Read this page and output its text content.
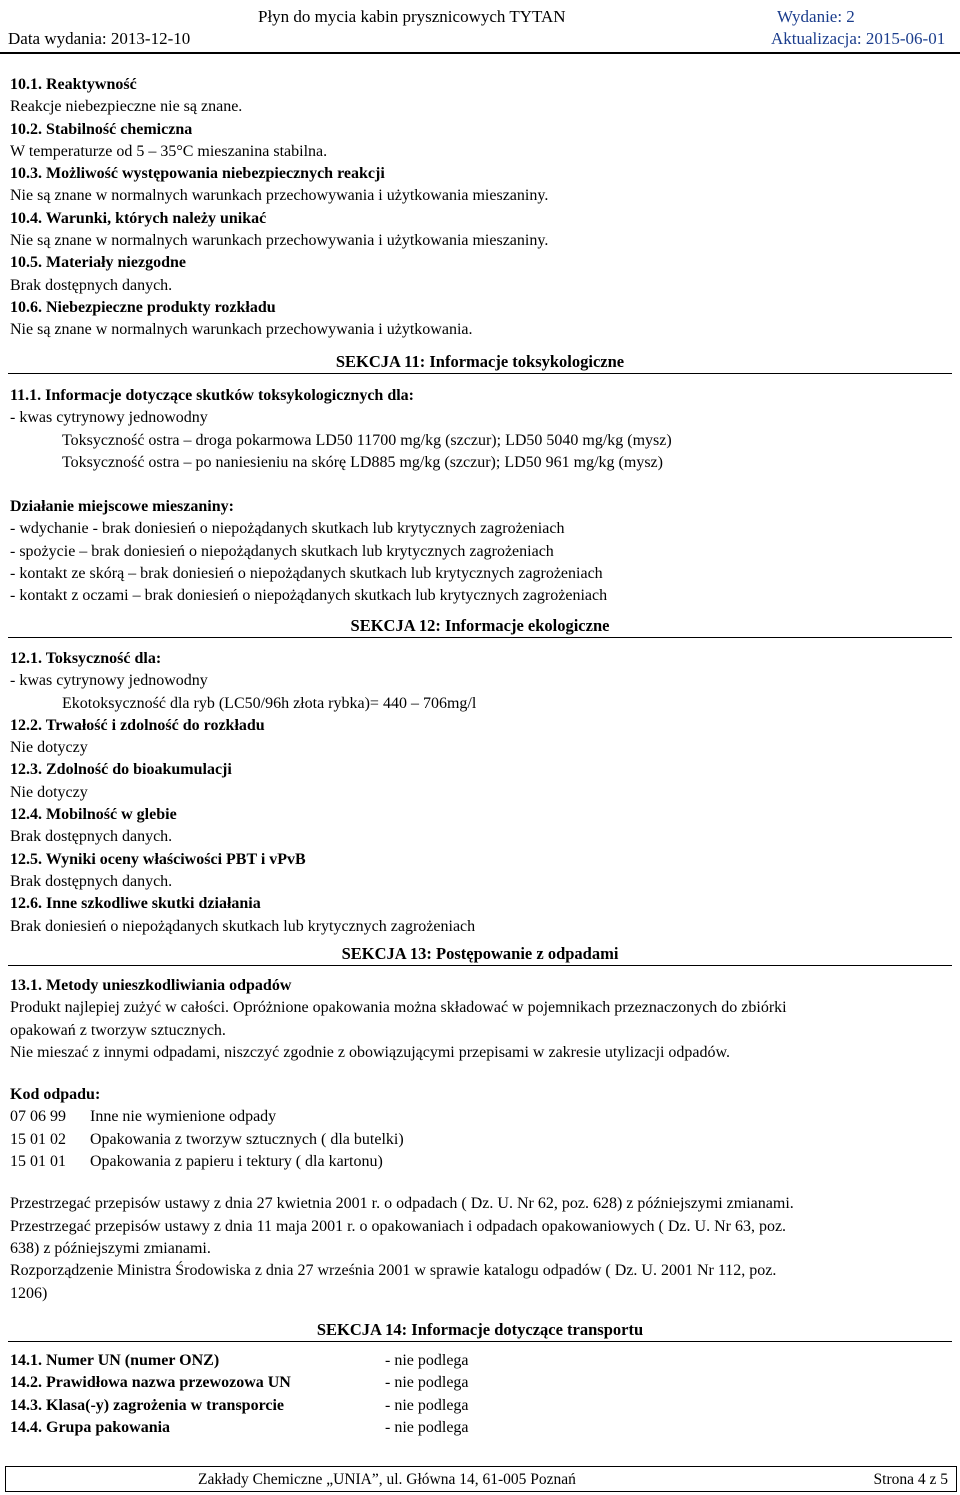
Płyn do mycia kabin prysznicowych TYTAN	Wydanie: 2
Data wydania: 2013-12-10	Aktualizacja: 2015-06-01
10.1. Reaktywność
Reakcje niebezpieczne nie są znane.
10.2. Stabilność chemiczna
W temperaturze od 5 – 35°C mieszanina stabilna.
10.3. Możliwość występowania niebezpiecznych reakcji
Nie są znane w normalnych warunkach przechowywania i użytkowania mieszaniny.
10.4. Warunki, których należy unikać
Nie są znane w normalnych warunkach przechowywania i użytkowania mieszaniny.
10.5. Materiały niezgodne
Brak dostępnych danych.
10.6. Niebezpieczne produkty rozkładu
Nie są znane w normalnych warunkach przechowywania i użytkowania.
SEKCJA 11: Informacje toksykologiczne
11.1. Informacje dotyczące skutków toksykologicznych dla:
- kwas cytrynowy jednowodny
Toksyczność ostra – droga pokarmowa LD50 11700 mg/kg (szczur); LD50 5040 mg/kg (mysz)
Toksyczność ostra – po naniesieniu na skórę LD885 mg/kg (szczur); LD50 961 mg/kg (mysz)
Działanie miejscowe mieszaniny:
- wdychanie - brak doniesień o niepożądanych skutkach lub krytycznych zagrożeniach
- spożycie – brak doniesień o niepożądanych skutkach lub krytycznych zagrożeniach
- kontakt ze skórą – brak doniesień o niepożądanych skutkach lub krytycznych zagrożeniach
- kontakt z oczami – brak doniesień o niepożądanych skutkach lub krytycznych zagrożeniach
SEKCJA 12: Informacje ekologiczne
12.1. Toksyczność dla:
- kwas cytrynowy jednowodny
Ekotoksyczność dla ryb (LC50/96h złota rybka)= 440 – 706mg/l
12.2. Trwałość i zdolność do rozkładu
Nie dotyczy
12.3. Zdolność do bioakumulacji
Nie dotyczy
12.4. Mobilność w glebie
Brak dostępnych danych.
12.5. Wyniki oceny właściwości PBT i vPvB
Brak dostępnych danych.
12.6. Inne szkodliwe skutki działania
Brak doniesień o niepożądanych skutkach lub krytycznych zagrożeniach
SEKCJA 13: Postępowanie z odpadami
13.1. Metody unieszkodliwiania odpadów
Produkt najlepiej zużyć w całości. Opróżnione opakowania można składować w pojemnikach przeznaczonych do zbiórki
opakowań z tworzyw sztucznych.
Nie mieszać z innymi odpadami, niszczyć zgodnie z obowiązującymi przepisami w zakresie utylizacji odpadów.
Kod odpadu:
07 06 99	Inne nie wymienione odpady
15 01 02	Opakowania z tworzyw sztucznych ( dla butelki)
15 01 01	Opakowania z papieru i tektury ( dla kartonu)
Przestrzegać przepisów ustawy z dnia 27 kwietnia 2001 r. o odpadach ( Dz. U. Nr 62, poz. 628) z późniejszymi zmianami.
Przestrzegać przepisów ustawy z dnia 11 maja 2001 r. o opakowaniach i odpadach opakowaniowych ( Dz. U. Nr 63, poz.
638) z późniejszymi zmianami.
Rozporządzenie Ministra Środowiska z dnia 27 września 2001 w sprawie katalogu odpadów ( Dz. U. 2001 Nr 112, poz.
1206)
SEKCJA 14: Informacje dotyczące transportu
14.1. Numer UN (numer ONZ)	- nie podlega
14.2. Prawidłowa nazwa przewozowa UN	- nie podlega
14.3. Klasa(-y) zagrożenia w transporcie	- nie podlega
14.4. Grupa pakowania	- nie podlega
Zakłady Chemiczne „UNIA”, ul. Główna 14, 61-005 Poznań	Strona 4 z 5
